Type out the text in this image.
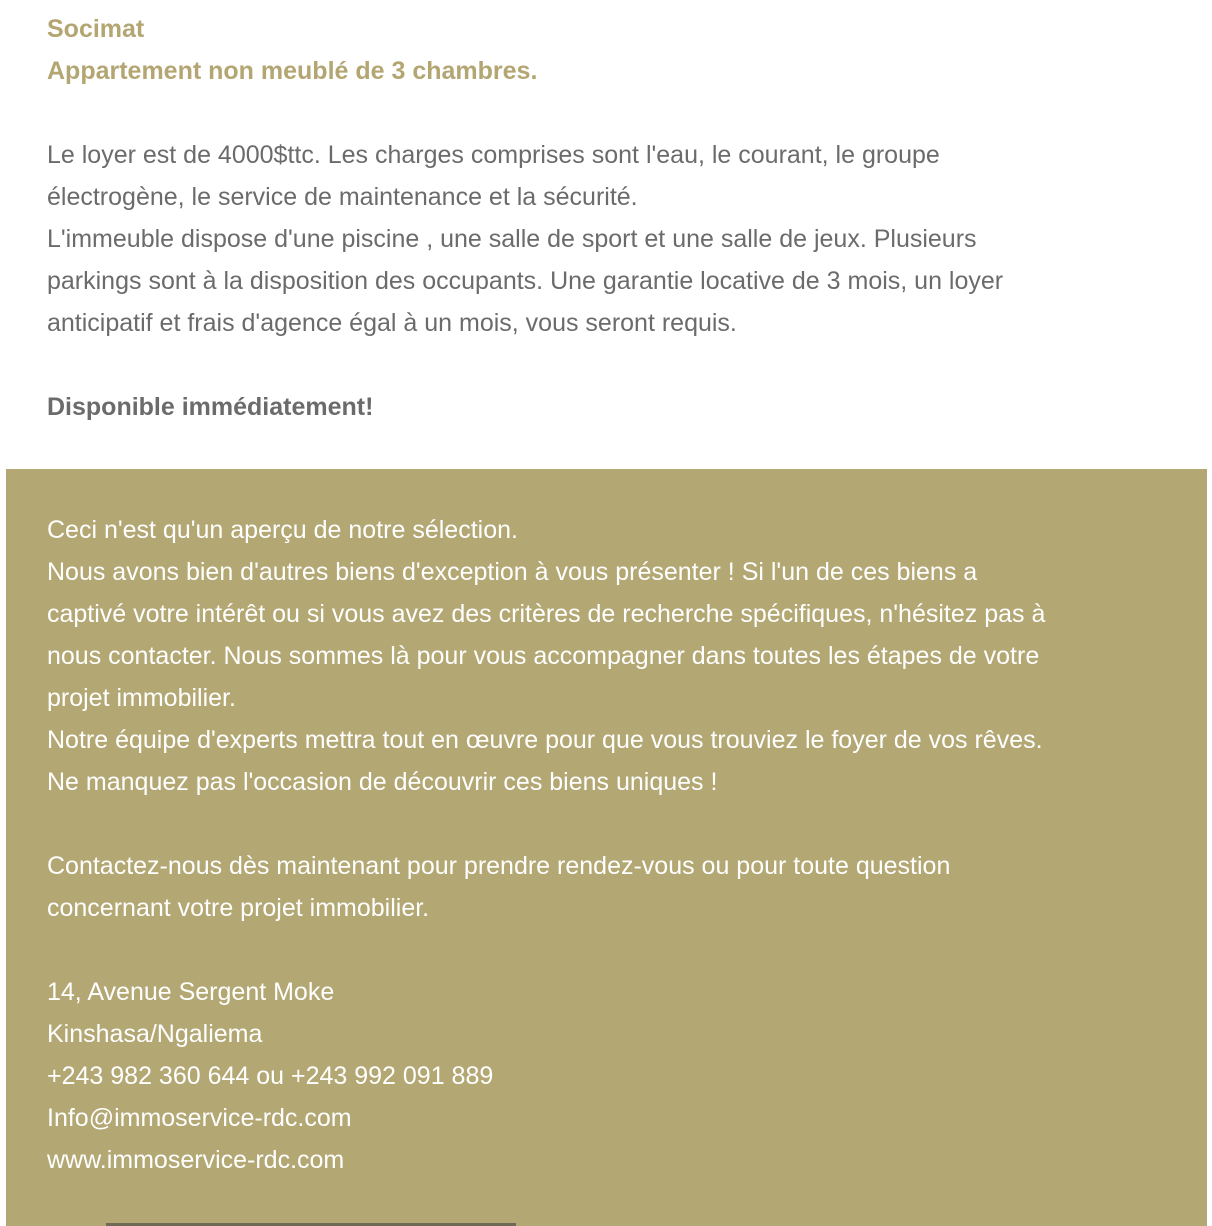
Socimat
Appartement non meublé de 3 chambres.
Le loyer est de 4000$ttc. Les charges comprises sont l'eau, le courant, le groupe
électrogène, le service de maintenance et la sécurité.
L'immeuble dispose d'une piscine , une salle de sport et une salle de jeux. Plusieurs
parkings sont à la disposition des occupants. Une garantie locative de 3 mois, un loyer
anticipatif et frais d'agence égal à un mois, vous seront requis.
Disponible immédiatement!
Ceci n'est qu'un aperçu de notre sélection.
Nous avons bien d'autres biens d'exception à vous présenter ! Si l'un de ces biens a
captivé votre intérêt ou si vous avez des critères de recherche spécifiques, n'hésitez pas à
nous contacter. Nous sommes là pour vous accompagner dans toutes les étapes de votre
projet immobilier.
Notre équipe d'experts mettra tout en œuvre pour que vous trouviez le foyer de vos rêves.
Ne manquez pas l'occasion de découvrir ces biens uniques !
Contactez-nous dès maintenant pour prendre rendez-vous ou pour toute question
concernant votre projet immobilier.
14, Avenue Sergent Moke
Kinshasa/Ngaliema
+243 982 360 644 ou +243 992 091 889
Info@immoservice-rdc.com
www.immoservice-rdc.com
